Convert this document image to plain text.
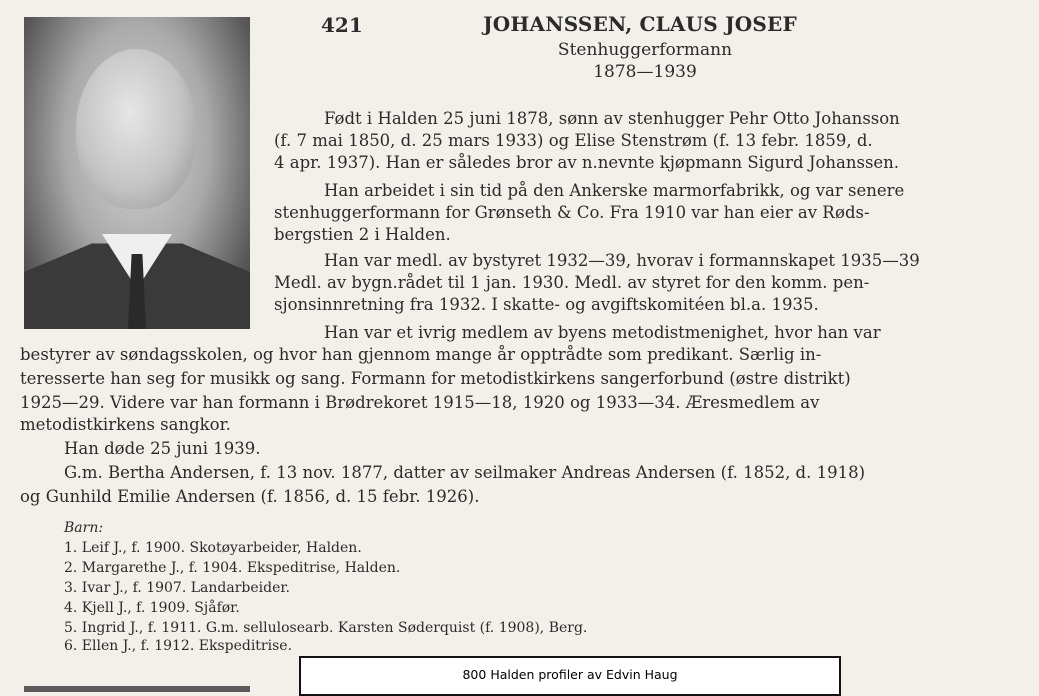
421	JOHANSSEN, CLAUS JOSEF
Stenhuggerformann
1878—1939
Født i Halden 25 juni 1878, sønn av stenhugger Pehr Otto Johansson
(f. 7 mai 1850, d. 25 mars 1933) og Elise Stenstrøm (f. 13 febr. 1859, d.
4 apr. 1937). Han er således bror av n.nevnte kjøpmann Sigurd Johanssen.
Han arbeidet i sin tid på den Ankerske marmorfabrikk, og var senere
stenhuggerformann for Grønseth & Co. Fra 1910 var han eier av Røds-
bergstien 2 i Halden.
Han var medl. av bystyret 1932—39, hvorav i formannskapet 1935—39
Medl. av bygn.rådet til 1 jan. 1930. Medl. av styret for den komm. pen-
sjonsinnretning fra 1932. I skatte- og avgiftskomitéen bl.a. 1935.
Han var et ivrig medlem av byens metodistmenighet, hvor han var
bestyrer av søndagsskolen, og hvor han gjennom mange år opptrådte som predikant. Særlig in-
teresserte han seg for musikk og sang. Formann for metodistkirkens sangerforbund (østre distrikt)
1925—29. Videre var han formann i Brødrekoret 1915—18, 1920 og 1933—34. Æresmedlem av
metodistkirkens sangkor.
Han døde 25 juni 1939.
G.m. Bertha Andersen, f. 13 nov. 1877, datter av seilmaker Andreas Andersen (f. 1852, d. 1918)
og Gunhild Emilie Andersen (f. 1856, d. 15 febr. 1926).
Barn:
1. Leif J., f. 1900. Skotøyarbeider, Halden.
2. Margarethe J., f. 1904. Ekspeditrise, Halden.
3. Ivar J., f. 1907. Landarbeider.
4. Kjell J., f. 1909. Sjåfør.
5. Ingrid J., f. 1911. G.m. sellulosearb. Karsten Søderquist (f. 1908), Berg.
6. Ellen J., f. 1912. Ekspeditrise.
800 Halden profiler av Edvin Haug
